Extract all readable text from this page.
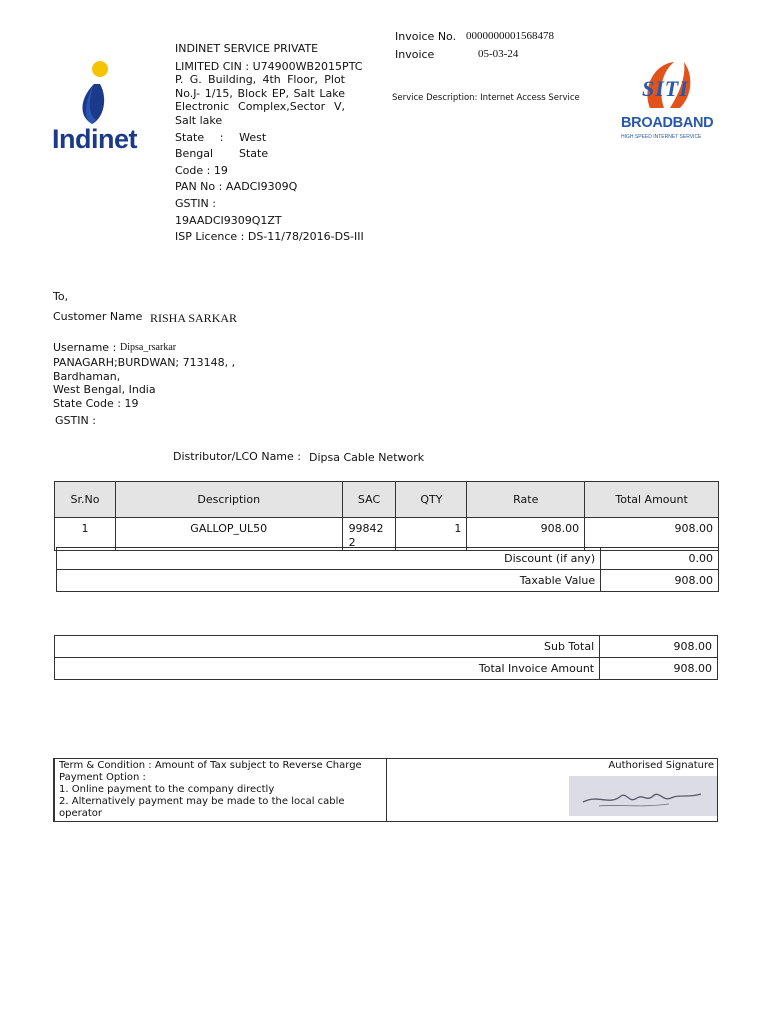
Indinet
INDINET SERVICE PRIVATE
LIMITED CIN : U74900WB2015PTC
P. G. Building, 4th Floor, Plot
No.J- 1/15, Block EP, Salt Lake
Electronic Complex,Sector V,
Salt lake
State : West
Bengal State
Code : 19
PAN No : AADCI9309Q
GSTIN :
19AADCI9309Q1ZT
ISP Licence : DS-11/78/2016-DS-III
Invoice No. 0000000001568478
Invoice	05-03-24
Service Description: Internet Access Service	SITI
BROADBAND
HIGH SPEED INTERNET SERVICE
To,
Customer Name RISHA SARKAR
Username : Dipsa_rsarkar
PANAGARH;BURDWAN; 713148, ,
Bardhaman,
West Bengal, India
State Code : 19
GSTIN :
Distributor/LCO Name : Dipsa Cable Network
Sr.No	Description	SAC	QTY	Rate	Total Amount
1	GALLOP_UL50	99842 2	1	908.00	908.00
Discount (if any)	0.00
Taxable Value	908.00
Sub Total	908.00
Total Invoice Amount	908.00
Term & Condition : Amount of Tax subject to Reverse Charge
Payment Option :
1. Online payment to the company directly
2. Alternatively payment may be made to the local cable operator
Authorised Signature
